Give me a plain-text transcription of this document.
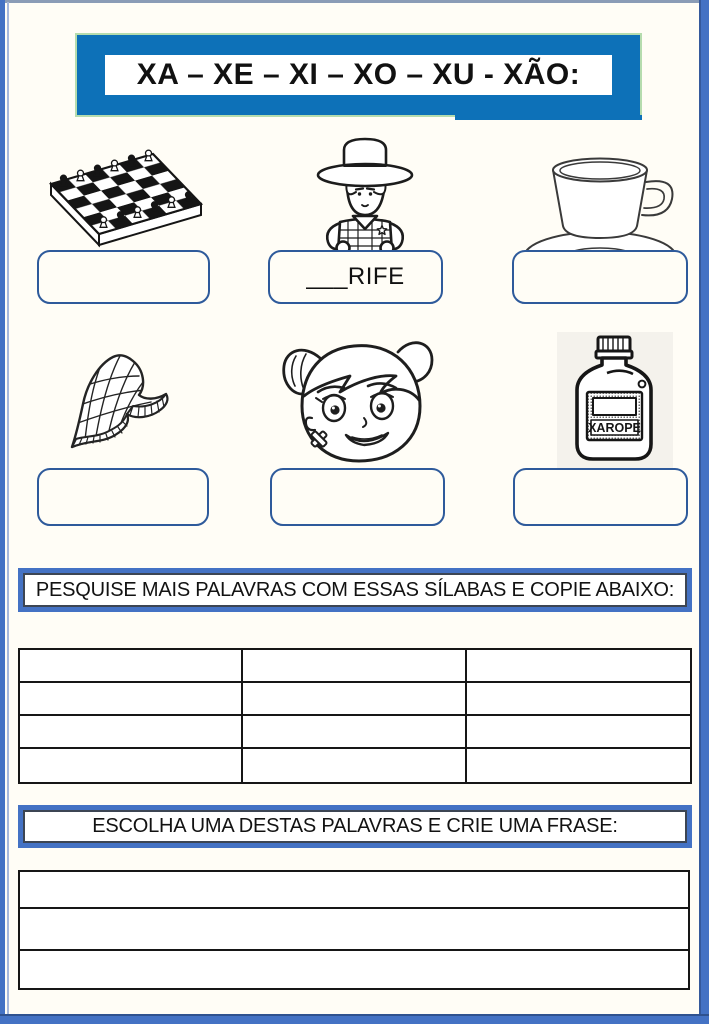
XA – XE – XI – XO – XU - XÃO:
___RIFE
XAROPE
PESQUISE MAIS PALAVRAS COM ESSAS SÍLABAS E COPIE ABAIXO:
ESCOLHA UMA DESTAS PALAVRAS E CRIE UMA FRASE:
